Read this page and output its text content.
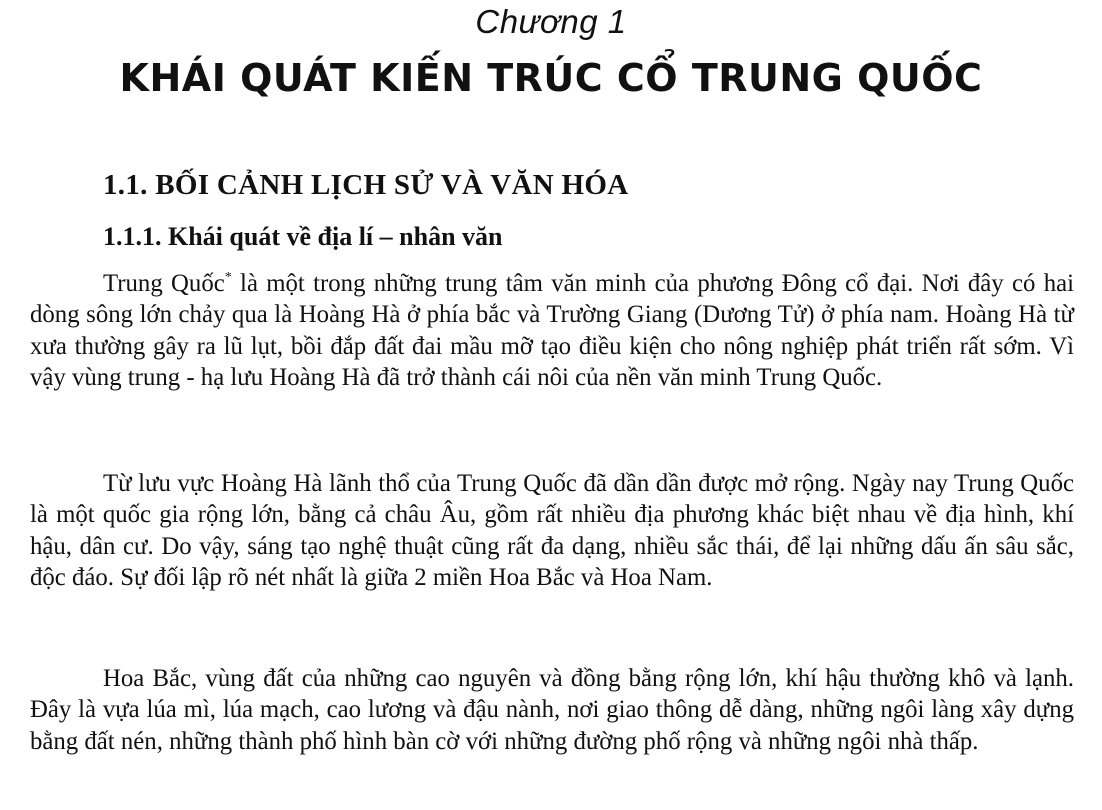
Chương 1
KHÁI QUÁT KIẾN TRÚC CỔ TRUNG QUỐC
1.1. BỐI CẢNH LỊCH SỬ VÀ VĂN HÓA
1.1.1. Khái quát về địa lí – nhân văn

Trung Quốc* là một trong những trung tâm văn minh của phương Đông cổ đại. Nơi đây có hai dòng sông lớn chảy qua là Hoàng Hà ở phía bắc và Trường Giang (Dương Tử) ở phía nam. Hoàng Hà từ xưa thường gây ra lũ lụt, bồi đắp đất đai mầu mỡ tạo điều kiện cho nông nghiệp phát triển rất sớm. Vì vậy vùng trung - hạ lưu Hoàng Hà đã trở thành cái nôi của nền văn minh Trung Quốc.

Từ lưu vực Hoàng Hà lãnh thổ của Trung Quốc đã dần dần được mở rộng. Ngày nay Trung Quốc là một quốc gia rộng lớn, bằng cả châu Âu, gồm rất nhiều địa phương khác biệt nhau về địa hình, khí hậu, dân cư. Do vậy, sáng tạo nghệ thuật cũng rất đa dạng, nhiều sắc thái, để lại những dấu ấn sâu sắc, độc đáo. Sự đối lập rõ nét nhất là giữa 2 miền Hoa Bắc và Hoa Nam.

Hoa Bắc, vùng đất của những cao nguyên và đồng bằng rộng lớn, khí hậu thường khô và lạnh. Đây là vựa lúa mì, lúa mạch, cao lương và đậu nành, nơi giao thông dễ dàng, những ngôi làng xây dựng bằng đất nén, những thành phố hình bàn cờ với những đường phố rộng và những ngôi nhà thấp.
